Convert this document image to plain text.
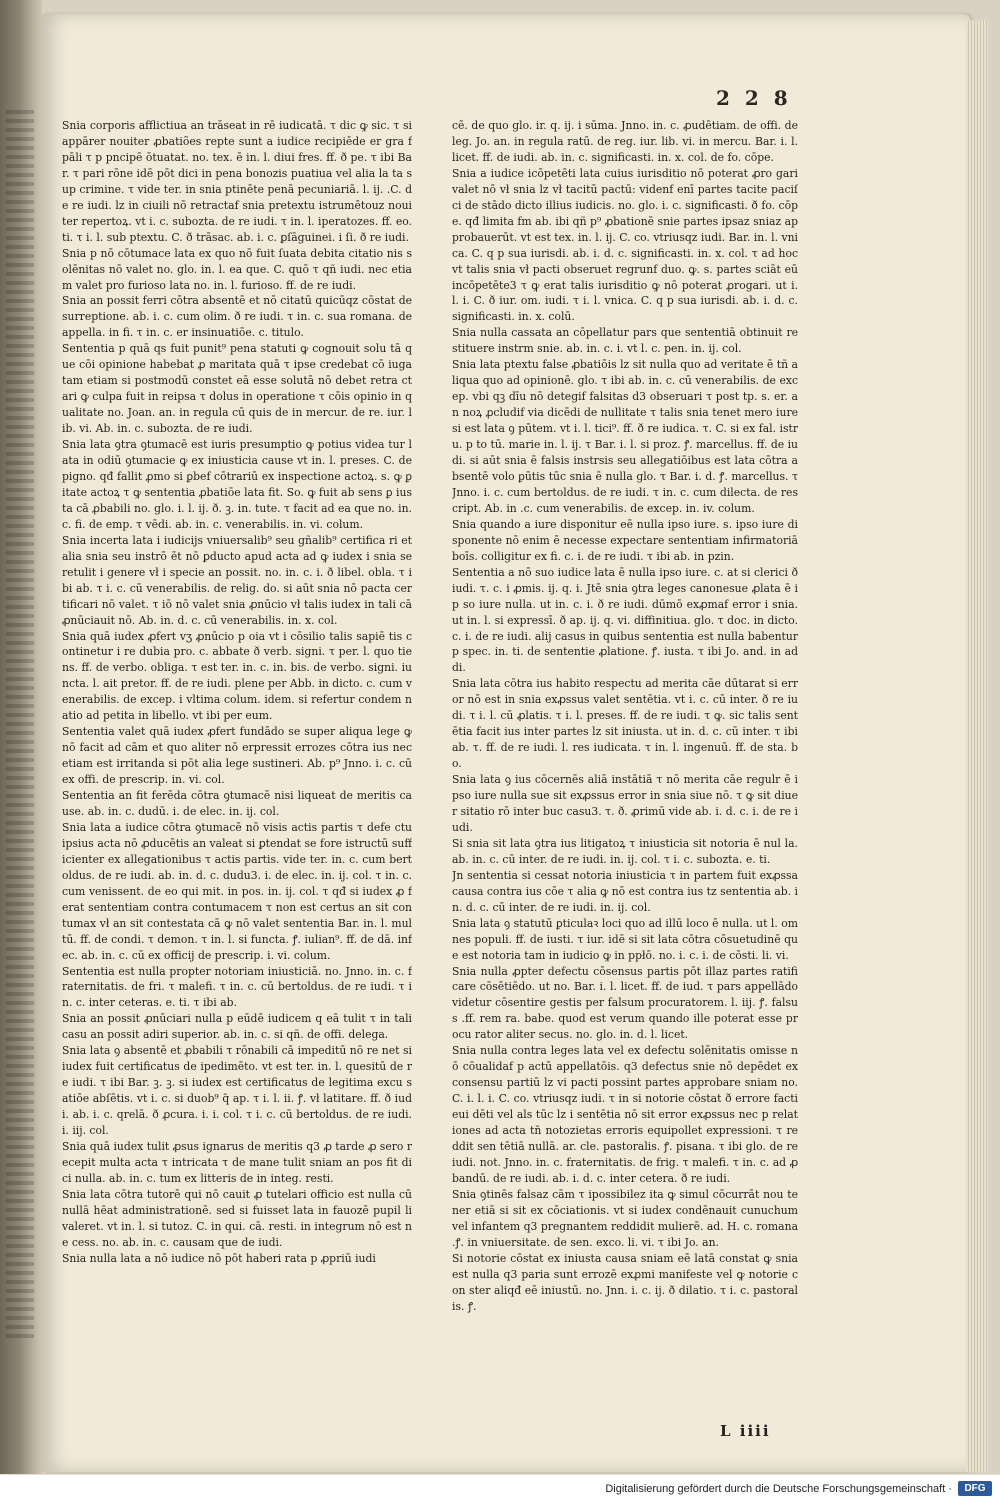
2 2 8

Snia corporis afflictiua an trāseat in rē iudicatā. τ dic ꝙ sic. τ si appārer nouiter ꝓbatiões repte sunt a iudice recipiēde er gra fpāli τ p pncipē ōtuatat. no. tex. ē in. l. diui fres. ff. ð pe. τ ibi Bar. τ pari rōne idē pōt dici in pena bonozis puatiua vel alia la ta sup crimine. τ vide ter. in snia ptinēte penā pecuniariā. l. ij. .C. de re iudi. lz in ciuili nō retractaf snia pretextu istrumētouz nouiter repertoꝝ. vt i. c. subozta. de re iudi. τ in. l. iperatozes. ff. eo. ti. τ i. l. sub ptextu. C. ð trāsac. ab. i. c. ꝑſāguinei. i ſi. ð re iudi.

Snia p nō cōtumace lata ex quo nō fuit ſuata debita citatio nis solēnitas nō valet no. glo. in. l. ea que. C. quō τ qñ iudi. nec etiam valet pro furioso lata no. in. l. furioso. ff. de re iudi.

Snia an possit ferri cōtra absentē et nō citatū quicūqz cōstat de surreptione. ab. i. c. cum olim. ð re iudi. τ in. c. sua romana. de appella. in fi. τ in. c. er insinuatiōe. c. titulo.

Sententia p quā qs fuit punit⁹ pena statuti ꝙ cognouit solu tā que cōi opinione habebat ꝓ maritata quā τ ipse credebat cō iugatam etiam si postmodū constet eā esse solutā nō debet retra ctari ꝙ culpa fuit in reipsa τ dolus in operatione τ cōis opinio in qualitate no. Joan. an. in regula cū quis de in mercur. de re. iur. lib. vi. Ab. in. c. subozta. de re iudi.

Snia lata ꝯtra ꝯtumacē est iuris presumptio ꝙ potius videa tur lata in odiū ꝯtumacie ꝙ ex iniusticia cause vt in. l. preses. C. de pigno. qđ fallit ꝓmo si ꝑbef cōtrariū ex inspectione actoꝝ. s. ꝙ ꝑitate actoꝝ τ ꝙ sententia ꝓbatiōe lata fit. So. ꝙ fuit ab sens ꝑ iusta cā ꝓbabili no. glo. i. l. ij. ð. ꝫ. in. tute. τ facit ad ea que no. in. c. fi. de emp. τ vēdi. ab. in. c. venerabilis. in. vi. colum.

Snia incerta lata i iudicijs vniuersalib⁹ seu gñalib⁹ certifica ri et alia snia seu instrō ēt nō ꝑducto apud acta ad ꝙ iudex i snia se retulit i genere vł i specie an possit. no. in. c. i. ð libel. obla. τ ibi ab. τ i. c. cū venerabilis. de relig. do. si aūt snia nō pacta cer tificari nō valet. τ iō nō valet snia ꝓnūcio vł talis iudex in tali cā ꝓnūciauit nō. Ab. in. d. c. cū venerabilis. in. x. col.

Snia quā iudex ꝓfert vʒ ꝓnūcio p oia vt i cōsilio talis sapiē tis continetur i re dubia pro. c. abbate ð verb. signi. τ per. l. quo tiens. ff. de verbo. obliga. τ est ter. in. c. in. bis. de verbo. signi. iuncta. l. ait pretor. ff. de re iudi. plene per Abb. in dicto. c. cum venerabilis. de excep. i vltima colum. idem. si refertur condem natio ad petita in libello. vt ibi per eum.

Sententia valet quā iudex ꝓfert fundādo se super aliqua lege ꝙ nō facit ad cām et quo aliter nō erpressit errozes cōtra ius nec etiam est irritanda si pōt alia lege sustineri. Ab. p⁹ Jnno. i. c. cū ex offi. de prescrip. in. vi. col.

Sententia an fit ferēda cōtra ꝯtumacē nisi liqueat de meritis cause. ab. in. c. dudū. i. de elec. in. ij. col.

Snia lata a iudice cōtra ꝯtumacē nō visis actis partis τ defe ctu ipsius acta nō ꝓducētis an valeat si ꝑtendat se fore istructū sufficienter ex allegationibus τ actis partis. vide ter. in. c. cum bertoldus. de re iudi. ab. in. d. c. dudu3. i. de elec. in. ij. col. τ in. c. cum venissent. de eo qui mit. in pos. in. ij. col. τ qđ si iudex ꝓ ferat sententiam contra contumacem τ non est certus an sit con tumax vł an sit contestata cā ꝙ nō valet sententia Bar. in. l. multū. ff. de condi. τ demon. τ in. l. si functa. ꝭ. iulian⁹. ff. de dā. infec. ab. in. c. cū ex officij de prescrip. i. vi. colum.

Sententia est nulla propter notoriam iniusticiā. no. Jnno. in. c. fraternitatis. de fri. τ malefi. τ in. c. cū bertoldus. de re iudi. τ in. c. inter ceteras. e. ti. τ ibi ab.

Snia an possit ꝓnūciari nulla p eūdē iudicem q eā tulit τ in tali casu an possit adiri superior. ab. in. c. si qñ. de offi. delega.

Snia lata ꝯ absentē et ꝓbabili τ rōnabili cā impeditū nō re net si iudex fuit certificatus de ipedimēto. vt est ter. in. l. quesitū de re iudi. τ ibi Bar. ꝫ. ꝫ. si iudex est certificatus de legitima excu satiōe abſētis. vt i. c. si duob⁹ q̄ ap. τ i. l. ii. ꝭ. vł latitare. ff. ð iudi. ab. i. c. qrelā. ð ꝓcura. i. i. col. τ i. c. cū bertoldus. de re iudi. i. iij. col.

Snia quā iudex tulit ꝓsus ignarus de meritis q3 ꝓ tarde ꝓ sero recepit multa acta τ intricata τ de mane tulit sniam an pos fit dici nulla. ab. in. c. tum ex litteris de in integ. resti.

Snia lata cōtra tutorē qui nō cauit ꝓ tutelari officio est nulla cū nullā hēat administrationē. sed si fuisset lata in fauozē pupil li valeret. vt in. l. si tutoz. C. in qui. cā. resti. in integrum nō est ne cess. no. ab. in. c. causam que de iudi.

Snia nulla lata a nō iudice nō pōt haberi rata p ꝓpriū iudi

cē. de quo glo. ir. q. ij. i sūma. Jnno. in. c. ꝓudētiam. de offi. de leg. Jo. an. in regula ratū. de reg. iur. lib. vi. in mercu. Bar. i. l. licet. ff. de iudi. ab. in. c. significasti. in. x. col. de fo. cōpe.

Snia a iudice icōpetēti lata cuius iurisditio nō poterat ꝓro gari valet nō vł snia lz vł tacitū pactū: videnf enī partes tacite paciſci de stādo dicto illius iudicis. no. glo. i. c. significasti. ð fo. cōpe. qđ limita fm ab. ibi qñ p⁹ ꝓbationē snie partes ipsaz sniaz approbauerūt. vt est tex. in. l. ij. C. co. vtriusqz iudi. Bar. in. l. vni ca. C. q p sua iurisdi. ab. i. d. c. significasti. in. x. col. τ ad hoc vt talis snia vł pacti obseruet regrunf duo. ꝙ. s. partes sciāt eū incōpetēte3 τ ꝙ erat talis iurisditio ꝙ nō poterat ꝓrogari. ut i. l. i. C. ð iur. om. iudi. τ i. l. vnica. C. q p sua iurisdi. ab. i. d. c. significasti. in. x. colū.

Snia nulla cassata an cōpellatur pars que sententiā obtinuit restituere instrm snie. ab. in. c. i. vt l. c. pen. in. ij. col.

Snia lata ptextu false ꝓbatiōis lz sit nulla quo ad veritate ē tñ aliqua quo ad opinionē. glo. τ ibi ab. in. c. cū venerabilis. de excep. vbi qꝫ dīu nō detegif falsitas d3 obseruari τ post tp. s. er. an noꝝ ꝓcludif via dicēdi de nullitate τ talis snia tenet mero iure si est lata ꝯ pūtem. vt i. l. tici⁹. ff. ð re iudica. τ. C. si ex fal. istru. p to tū. marie in. l. ij. τ Bar. i. l. si proz. ꝭ. marcellus. ff. de iudi. si aūt snia ē falsis instrsis seu allegatiōibus est lata cōtra absentē volo ꝑūtis tūc snia ē nulla glo. τ Bar. i. d. ꝭ. marcellus. τ Jnno. i. c. cum bertoldus. de re iudi. τ in. c. cum dilecta. de rescript. Ab. in .c. cum venerabilis. de excep. in. iv. colum.

Snia quando a iure disponitur eē nulla ipso iure. s. ipso iure disponente nō enim ē necesse expectare sententiam infirmatoriā boīs. colligitur ex fi. c. i. de re iudi. τ ibi ab. in pzin.

Sententia a nō suo iudice lata ē nulla ipso iure. c. at si clerici ð iudi. τ. c. i ꝓmis. ij. q. i. Jtē snia ꝯtra leges canonesue ꝓlata ē ip so iure nulla. ut in. c. i. ð re iudi. dūmō exꝓmaf error i snia. ut in. l. si expressī. ð ap. ij. q. vi. diffinitiua. glo. τ doc. in dicto. c. i. de re iudi. alij casus in quibus sententia est nulla babentur p spec. in. ti. de sententie ꝓlatione. ꝭ. iusta. τ ibi Jo. and. in addi.

Snia lata cōtra ius habito respectu ad merita cāe dūtarat si error nō est in snia exꝓssus valet sentētia. vt i. c. cū inter. ð re iudi. τ i. l. cū ꝓlatis. τ i. l. preses. ff. de re iudi. τ ꝙ. sic talis sentētia facit ius inter partes lz sit iniusta. ut in. d. c. cū inter. τ ibi ab. τ. ff. de re iudi. l. res iudicata. τ in. l. ingenuū. ff. de sta. bo.

Snia lata ꝯ ius cōcernēs aliā instātiā τ nō merita cāe regulr ē ipso iure nulla sue sit exꝓssus error in snia siue nō. τ ꝙ sit diuer sitatio rō inter buc casu3. τ. ð. ꝓrimū vide ab. i. d. c. i. de re iudi.

Si snia sit lata ꝯtra ius litigatoꝝ τ iniusticia sit notoria ē nul la. ab. in. c. cū inter. de re iudi. in. ij. col. τ i. c. subozta. e. ti.

Jn sententia si cessat notoria iniusticia τ in partem fuit exꝓssa causa contra ius cōe τ alia ꝙ nō est contra ius tz sententia ab. in. d. c. cū inter. de re iudi. in. ij. col.

Snia lata ꝯ statutū ꝑticulaꝛ loci quo ad illū loco ē nulla. ut l. omnes populi. ff. de iusti. τ iur. idē si sit lata cōtra cōsuetudinē que est notoria tam in iudicio ꝙ in ppłō. no. i. c. i. de cōsti. li. vi.

Snia nulla ꝓpter defectu cōsensus partis pōt illaz partes ratifi care cōsētiēdo. ut no. Bar. i. l. licet. ff. de iud. τ pars appellādo videtur cōsentire gestis per falsum procuratorem. l. iij. ꝭ. falsus .ff. rem ra. babe. quod est verum quando ille poterat esse procu rator aliter secus. no. glo. in. d. l. licet.

Snia nulla contra leges lata vel ex defectu solēnitatis omisse nō cōualidaf p actū appellatōis. q3 defectus snie nō depēdet ex consensu partiū lz vi pacti possint partes approbare sniam no. C. i. l. i. C. co. vtriusqz iudi. τ in si notorie cōstat ð errore facti eui dēti vel als tūc lz i sentētia nō sit error exꝓssus nec p relationes ad acta tn̄ notozietas erroris equipollet expressioni. τ reddit sen tētiā nullā. ar. cle. pastoralis. ꝭ. pisana. τ ibi glo. de re iudi. not. Jnno. in. c. fraternitatis. de frig. τ malefi. τ in. c. ad ꝓbandū. de re iudi. ab. i. d. c. inter cetera. ð re iudi.

Snia ꝯtinēs falsaz cām τ ipossibilez ita ꝙ simul cōcurrāt nou tener etiā si sit ex cōciationis. vt si iudex condēnauit cunuchum vel infantem q3 pregnantem reddidit mulierē. ad. H. c. romana .ꝭ. in vniuersitate. de sen. exco. li. vi. τ ibi Jo. an.

Si notorie cōstat ex iniusta causa sniam eē latā constat ꝙ snia est nulla q3 paria sunt errozē exꝓmi manifeste vel ꝙ notorie con ster aliqđ eē iniustū. no. Jnn. i. c. ij. ð dilatio. τ i. c. pastoralis. ꝭ.

L iiii
Digitalisierung gefördert durch die Deutsche Forschungsgemeinschaft ·	DFG
